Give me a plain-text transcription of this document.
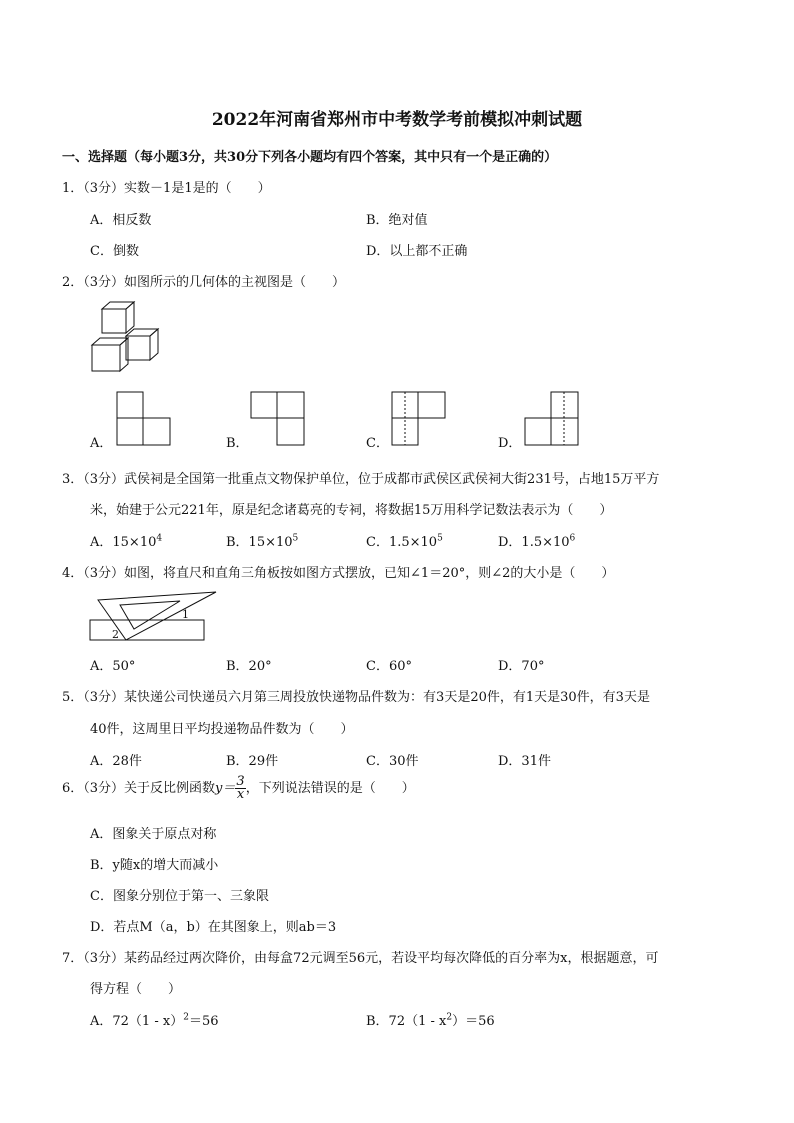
2022年河南省郑州市中考数学考前模拟冲刺试题
一、选择题（每小题3分，共30分下列各小题均有四个答案，其中只有一个是正确的）
1．（3分）实数－1是1是的（　　）
A．相反数	B．绝对值
C．倒数	D．以上都不正确
2．（3分）如图所示的几何体的主视图是（　　）
A．	B．	C．	D．
3．（3分）武侯祠是全国第一批重点文物保护单位，位于成都市武侯区武侯祠大街231号，占地15万平方
米，始建于公元221年，原是纪念诸葛亮的专祠，将数据15万用科学记数法表示为（　　）
A．$15\times 10^4$	B．$15\times 10^5$	C．$1.5\times 10^5$	D．$1.5\times 10^6$
4．（3分）如图，将直尺和直角三角板按如图方式摆放，已知∠1＝20°，则∠2的大小是（　　）
1
2
A．50°	B．20°	C．60°	D．70°
5．（3分）某快递公司快递员六月第三周投放快递物品件数为：有3天是20件，有1天是30件，有3天是
40件，这周里日平均投递物品件数为（　　）
A．28件	B．29件	C．30件	D．31件
6．（3分）关于反比例函数$y= \frac{3}{x}$ ，下列说法错误的是（　　）
A．图象关于原点对称
B．y随x的增大而减小
C．图象分别位于第一、三象限
D．若点M（a，b）在其图象上，则ab＝3
7．（3分）某药品经过两次降价，由每盒72元调至56元，若设平均每次降低的百分率为x，根据题意，可
得方程（　　）
A．72（1 - x）$^2$＝56	B．$72(1 - x^2)=56$
